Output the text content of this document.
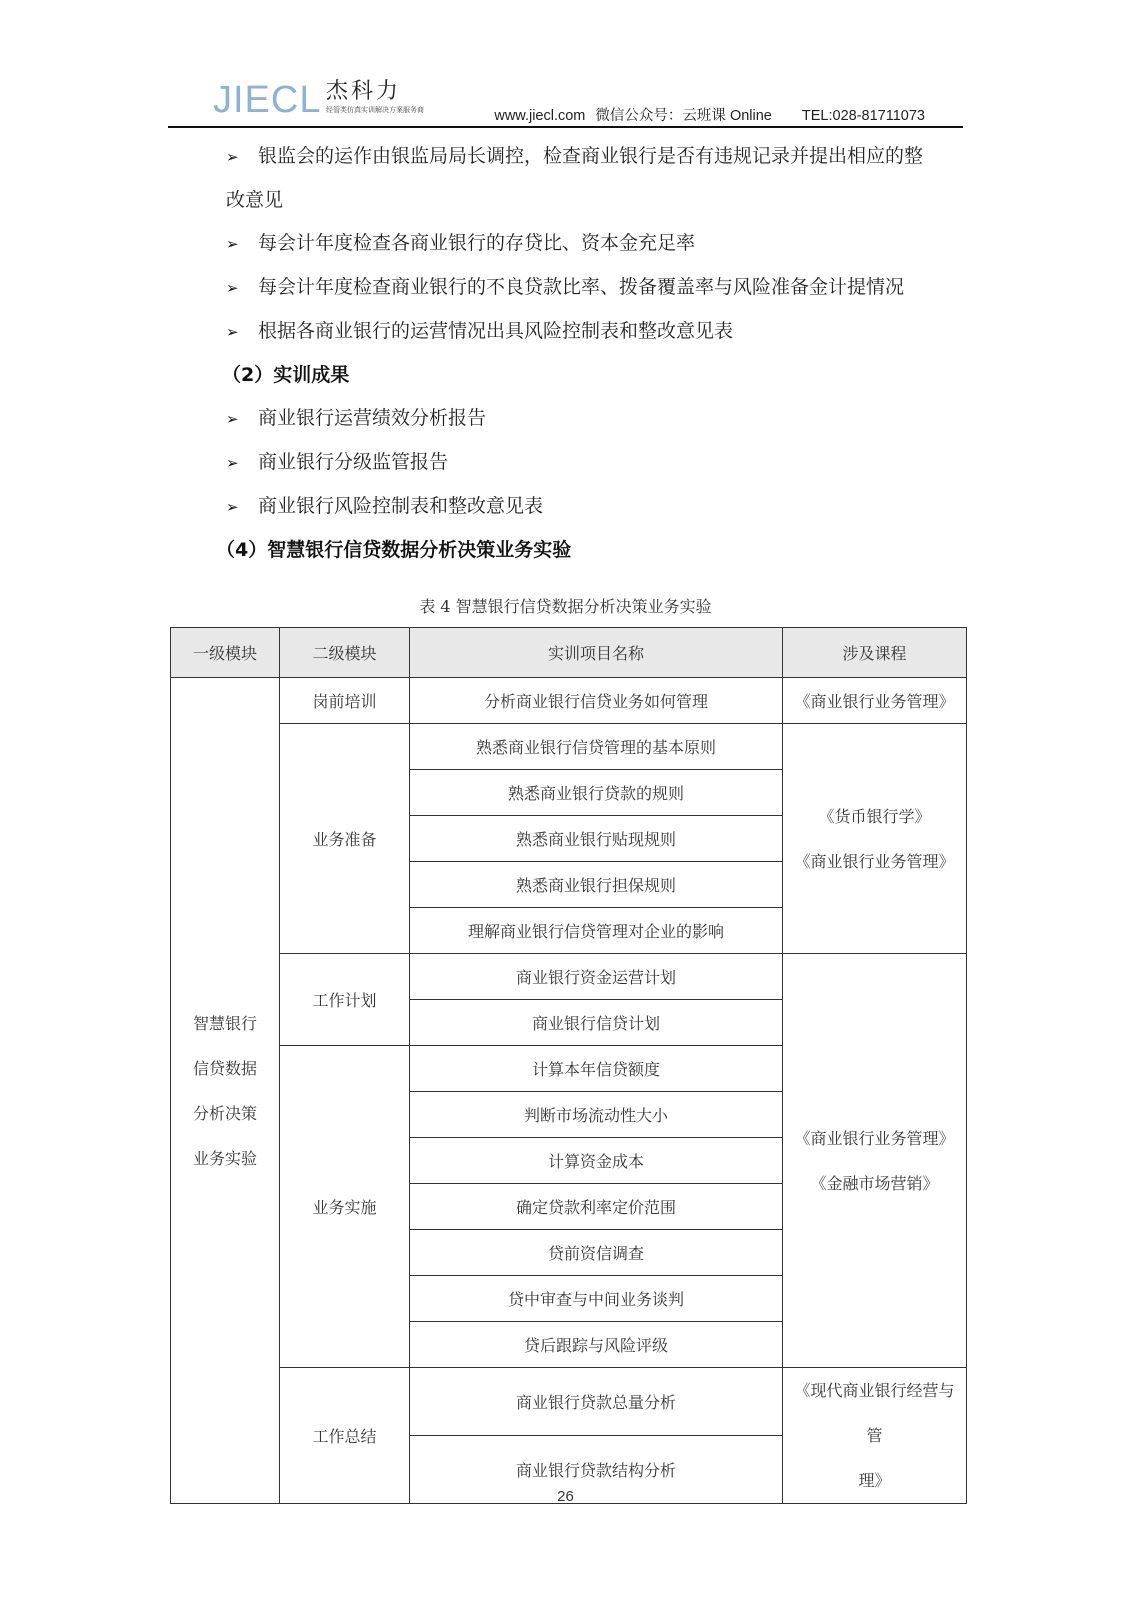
JIECL 杰科力
经管类仿真实训解决方案服务商	www.jiecl.com 微信公众号：云班课 Online TEL:028-81711073
➢ 银监会的运作由银监局局长调控，检查商业银行是否有违规记录并提出相应的整
改意见
➢ 每会计年度检查各商业银行的存贷比、资本金充足率
➢ 每会计年度检查商业银行的不良贷款比率、拨备覆盖率与风险准备金计提情况
➢ 根据各商业银行的运营情况出具风险控制表和整改意见表
（2）实训成果
➢ 商业银行运营绩效分析报告
➢ 商业银行分级监管报告
➢ 商业银行风险控制表和整改意见表
（4）智慧银行信贷数据分析决策业务实验
表 4 智慧银行信贷数据分析决策业务实验
一级模块	二级模块	实训项目名称	涉及课程

智慧银行
信贷数据
分析决策
业务实验	岗前培训	分析商业银行信贷业务如何管理	《商业银行业务管理》
	业务准备	熟悉商业银行信贷管理的基本原则	《货币银行学》
《商业银行业务管理》

		熟悉商业银行贷款的规则	
		熟悉商业银行贴现规则	
		熟悉商业银行担保规则	
		理解商业银行信贷管理对企业的影响	
	工作计划	商业银行资金运营计划	《商业银行业务管理》
《金融市场营销》

		商业银行信贷计划	
	业务实施	计算本年信贷额度	
		判断市场流动性大小	
		计算资金成本	
		确定贷款利率定价范围	
		贷前资信调查	
		贷中审查与中间业务谈判	
		贷后跟踪与风险评级	
	工作总结	商业银行贷款总量分析	《现代商业银行经营与管
理》

		商业银行贷款结构分析	
26
